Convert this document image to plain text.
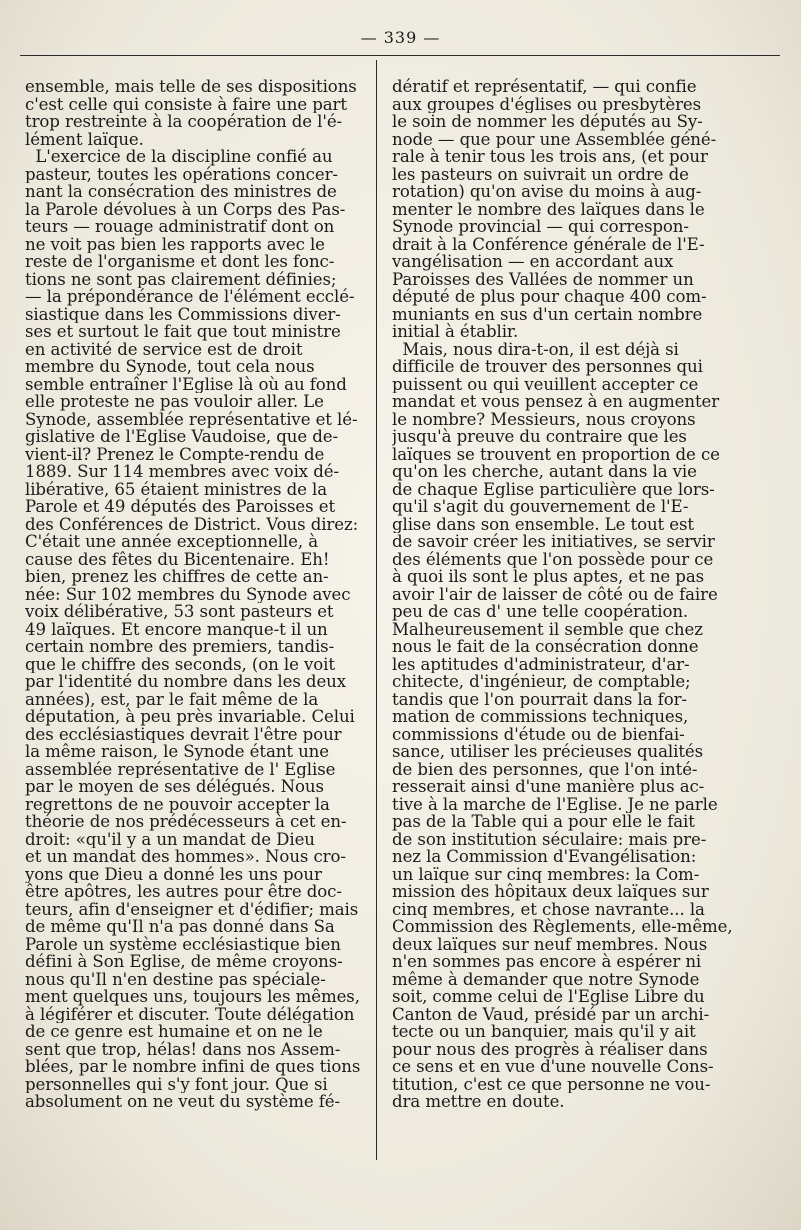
— 339 —
ensemble, mais telle de ses dispositions
c'est celle qui consiste à faire une part
trop restreinte à la coopération de l'é-
lément laïque.
L'exercice de la discipline confié au
pasteur, toutes les opérations concer-
nant la consécration des ministres de
la Parole dévolues à un Corps des Pas-
teurs — rouage administratif dont on
ne voit pas bien les rapports avec le
reste de l'organisme et dont les fonc-
tions ne sont pas clairement définies;
— la prépondérance de l'élément ecclé-
siastique dans les Commissions diver-
ses et surtout le fait que tout ministre
en activité de service est de droit
membre du Synode, tout cela nous
semble entraîner l'Eglise là où au fond
elle proteste ne pas vouloir aller. Le
Synode, assemblée représentative et lé-
gislative de l'Eglise Vaudoise, que de-
vient-il? Prenez le Compte-rendu de
1889. Sur 114 membres avec voix dé-
libérative, 65 étaient ministres de la
Parole et 49 députés des Paroisses et
des Conférences de District. Vous direz:
C'était une année exceptionnelle, à
cause des fêtes du Bicentenaire. Eh!
bien, prenez les chiffres de cette an-
née: Sur 102 membres du Synode avec
voix délibérative, 53 sont pasteurs et
49 laïques. Et encore manque-t il un
certain nombre des premiers, tandis-
que le chiffre des seconds, (on le voit
par l'identité du nombre dans les deux
années), est, par le fait même de la
députation, à peu près invariable. Celui
des ecclésiastiques devrait l'être pour
la même raison, le Synode étant une
assemblée représentative de l' Eglise
par le moyen de ses délégués. Nous
regrettons de ne pouvoir accepter la
théorie de nos prédécesseurs à cet en-
droit: «qu'il y a un mandat de Dieu
et un mandat des hommes». Nous cro-
yons que Dieu a donné les uns pour
être apôtres, les autres pour être doc-
teurs, afin d'enseigner et d'édifier; mais
de même qu'Il n'a pas donné dans Sa
Parole un système ecclésiastique bien
défini à Son Eglise, de même croyons-
nous qu'Il n'en destine pas spéciale-
ment quelques uns, toujours les mêmes,
à légiférer et discuter. Toute délégation
de ce genre est humaine et on ne le
sent que trop, hélas! dans nos Assem-
blées, par le nombre infini de ques tions
personnelles qui s'y font jour. Que si
absolument on ne veut du système fé-
dératif et représentatif, — qui confie
aux groupes d'églises ou presbytères
le soin de nommer les députés au Sy-
node — que pour une Assemblée géné-
rale à tenir tous les trois ans, (et pour
les pasteurs on suivrait un ordre de
rotation) qu'on avise du moins à aug-
menter le nombre des laïques dans le
Synode provincial — qui correspon-
drait à la Conférence générale de l'E-
vangélisation — en accordant aux
Paroisses des Vallées de nommer un
député de plus pour chaque 400 com-
muniants en sus d'un certain nombre
initial à établir.
Mais, nous dira-t-on, il est déjà si
difficile de trouver des personnes qui
puissent ou qui veuillent accepter ce
mandat et vous pensez à en augmenter
le nombre? Messieurs, nous croyons
jusqu'à preuve du contraire que les
laïques se trouvent en proportion de ce
qu'on les cherche, autant dans la vie
de chaque Eglise particulière que lors-
qu'il s'agit du gouvernement de l'E-
glise dans son ensemble. Le tout est
de savoir créer les initiatives, se servir
des éléments que l'on possède pour ce
à quoi ils sont le plus aptes, et ne pas
avoir l'air de laisser de côté ou de faire
peu de cas d' une telle coopération.
Malheureusement il semble que chez
nous le fait de la consécration donne
les aptitudes d'administrateur, d'ar-
chitecte, d'ingénieur, de comptable;
tandis que l'on pourrait dans la for-
mation de commissions techniques,
commissions d'étude ou de bienfai-
sance, utiliser les précieuses qualités
de bien des personnes, que l'on inté-
resserait ainsi d'une manière plus ac-
tive à la marche de l'Eglise. Je ne parle
pas de la Table qui a pour elle le fait
de son institution séculaire: mais pre-
nez la Commission d'Evangélisation:
un laïque sur cinq membres: la Com-
mission des hôpitaux deux laïques sur
cinq membres, et chose navrante... la
Commission des Règlements, elle-même,
deux laïques sur neuf membres. Nous
n'en sommes pas encore à espérer ni
même à demander que notre Synode
soit, comme celui de l'Eglise Libre du
Canton de Vaud, présidé par un archi-
tecte ou un banquier, mais qu'il y ait
pour nous des progrès à réaliser dans
ce sens et en vue d'une nouvelle Cons-
titution, c'est ce que personne ne vou-
dra mettre en doute.
